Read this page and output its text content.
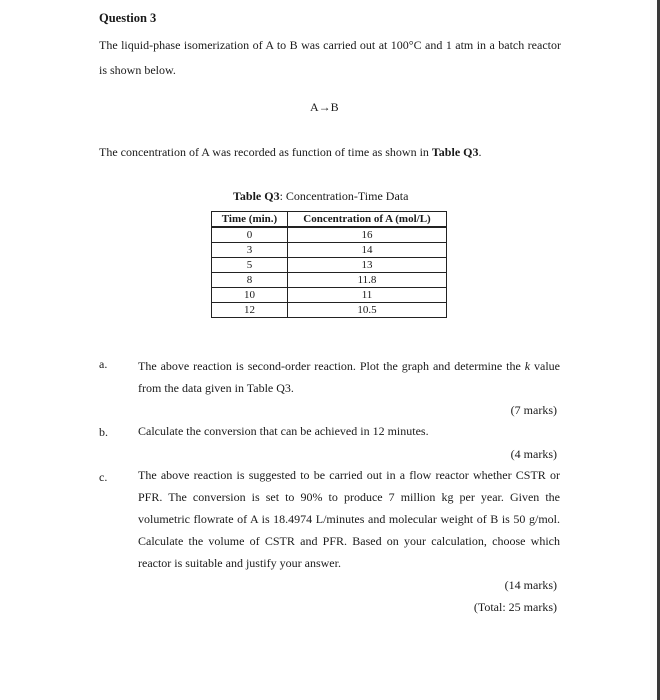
Question 3
The liquid-phase isomerization of A to B was carried out at 100°C and 1 atm in a batch reactor is shown below.
A→B
The concentration of A was recorded as function of time as shown in Table Q3.
Table Q3: Concentration-Time Data
Time (min.)	Concentration of A (mol/L)
0	16
3	14
5	13
8	11.8
10	11
12	10.5
a.	The above reaction is second-order reaction. Plot the graph and determine the k value from the data given in Table Q3.
(7 marks)
b.	Calculate the conversion that can be achieved in 12 minutes.
(4 marks)
c.	The above reaction is suggested to be carried out in a flow reactor whether CSTR or PFR. The conversion is set to 90% to produce 7 million kg per year. Given the volumetric flowrate of A is 18.4974 L/minutes and molecular weight of B is 50 g/mol. Calculate the volume of CSTR and PFR. Based on your calculation, choose which reactor is suitable and justify your answer.
(14 marks)
(Total: 25 marks)
